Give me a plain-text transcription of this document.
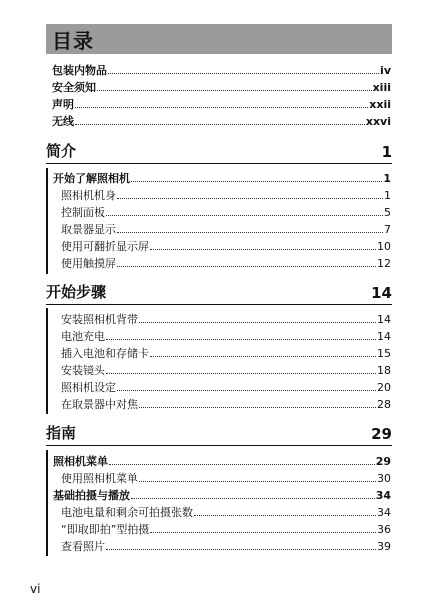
目录
包装内物品	iv
安全须知	xiii
声明	xxii
无线	xxvi
简介	1
开始了解照相机	1
照相机机身	1
控制面板	5
取景器显示	7
使用可翻折显示屏	10
使用触摸屏	12
开始步骤	14
安装照相机背带	14
电池充电	14
插入电池和存储卡	15
安装镜头	18
照相机设定	20
在取景器中对焦	28
指南	29
照相机菜单	29
使用照相机菜单	30
基础拍摄与播放	34
电池电量和剩余可拍摄张数	34
“即取即拍”型拍摄	36
查看照片	39
vi
